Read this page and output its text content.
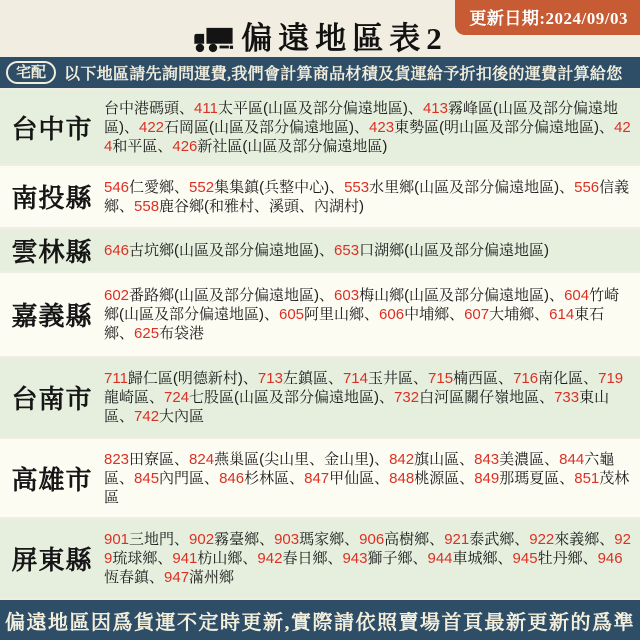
更新日期:2024/09/03
偏遠地區表2
宅配	以下地區請先詢問運費,我們會計算商品材積及貨運給予折扣後的運費計算給您
台中市
台中港碼頭、411太平區(山區及部分偏遠地區)、413霧峰區(山區及部分偏遠地區)、422石岡區(山區及部分偏遠地區)、423東勢區(明山區及部分偏遠地區)、424和平區、426新社區(山區及部分偏遠地區)
南投縣 546仁愛鄉、552集集鎮(兵整中心)、553水里鄉(山區及部分偏遠地區)、556信義鄉、558鹿谷鄉(和雅村、溪頭、內湖村)
雲林縣 646古坑鄉(山區及部分偏遠地區)、653口湖鄉(山區及部分偏遠地區)
嘉義縣
602番路鄉(山區及部分偏遠地區)、603梅山鄉(山區及部分偏遠地區)、604竹崎鄉(山區及部分偏遠地區)、605阿里山鄉、606中埔鄉、607大埔鄉、614東石鄉、625布袋港
台南市
711歸仁區(明德新村)、713左鎮區、714玉井區、715楠西區、716南化區、719龍崎區、724七股區(山區及部分偏遠地區)、732白河區關仔嶺地區、733東山區、742大內區
高雄市
823田寮區、824燕巢區(尖山里、金山里)、842旗山區、843美濃區、844六龜區、845內門區、846杉林區、847甲仙區、848桃源區、849那瑪夏區、851茂林區
屏東縣
901三地門、902霧臺鄉、903瑪家鄉、906高樹鄉、921泰武鄉、922來義鄉、929琉球鄉、941枋山鄉、942春日鄉、943獅子鄉、944車城鄉、945牡丹鄉、946恆春鎮、947滿州鄉
偏遠地區因爲貨運不定時更新,實際請依照賣場首頁最新更新的爲準
